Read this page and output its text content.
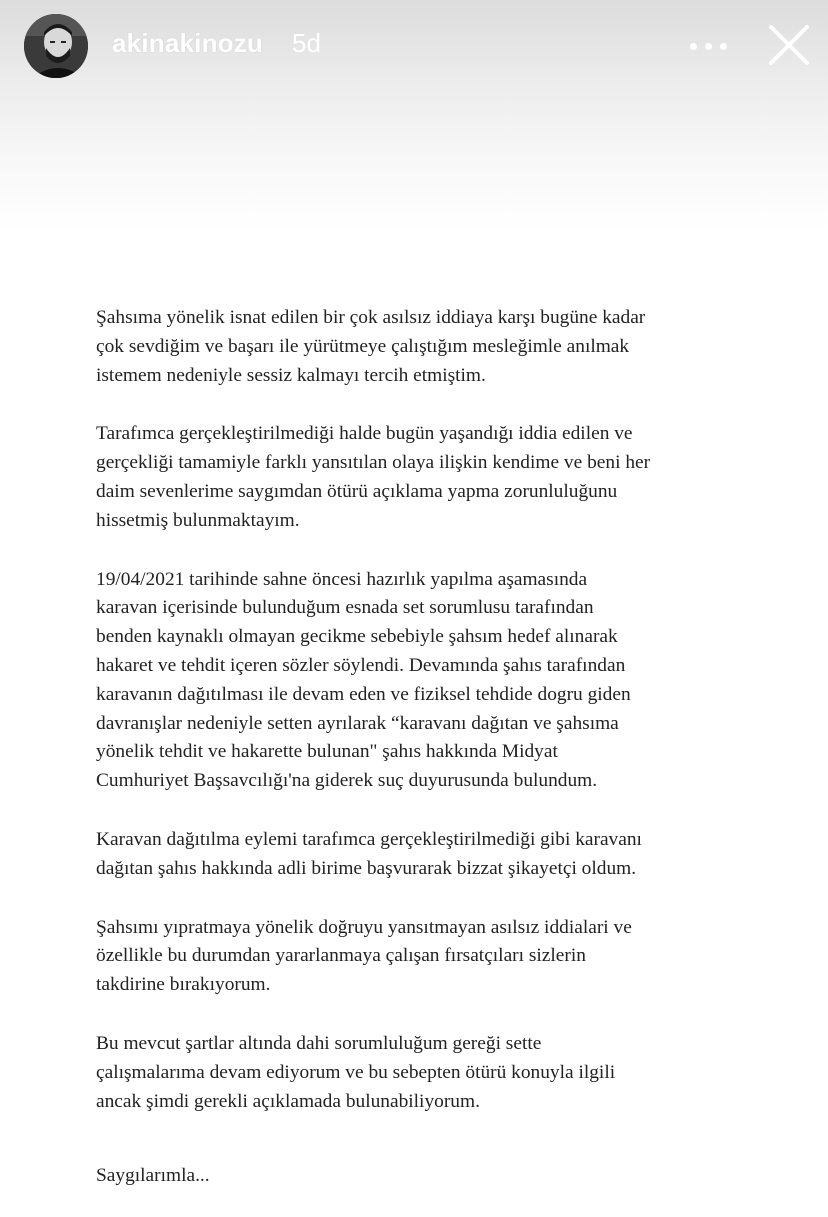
akinakinozu 5d

Şahsıma yönelik isnat edilen bir çok asılsız iddiaya karşı bugüne kadar
çok sevdiğim ve başarı ile yürütmeye çalıştığım mesleğimle anılmak
istemem nedeniyle sessiz kalmayı tercih etmiştim.

Tarafımca gerçekleştirilmediği halde bugün yaşandığı iddia edilen ve
gerçekliği tamamiyle farklı yansıtılan olaya ilişkin kendime ve beni her
daim sevenlerime saygımdan ötürü açıklama yapma zorunluluğunu
hissetmiş bulunmaktayım.

19/04/2021 tarihinde sahne öncesi hazırlık yapılma aşamasında
karavan içerisinde bulunduğum esnada set sorumlusu tarafından
benden kaynaklı olmayan gecikme sebebiyle şahsım hedef alınarak
hakaret ve tehdit içeren sözler söylendi. Devamında şahıs tarafından
karavanın dağıtılması ile devam eden ve fiziksel tehdide dogru giden
davranışlar nedeniyle setten ayrılarak “karavanı dağıtan ve şahsıma
yönelik tehdit ve hakarette bulunan" şahıs hakkında Midyat
Cumhuriyet Başsavcılığı'na giderek suç duyurusunda bulundum.

Karavan dağıtılma eylemi tarafımca gerçekleştirilmediği gibi karavanı
dağıtan şahıs hakkında adli birime başvurarak bizzat şikayetçi oldum.

Şahsımı yıpratmaya yönelik doğruyu yansıtmayan asılsız iddialari ve
özellikle bu durumdan yararlanmaya çalışan fırsatçıları sizlerin
takdirine bırakıyorum.

Bu mevcut şartlar altında dahi sorumluluğum gereği sette
çalışmalarıma devam ediyorum ve bu sebepten ötürü konuyla ilgili
ancak şimdi gerekli açıklamada bulunabiliyorum.

Saygılarımla...
